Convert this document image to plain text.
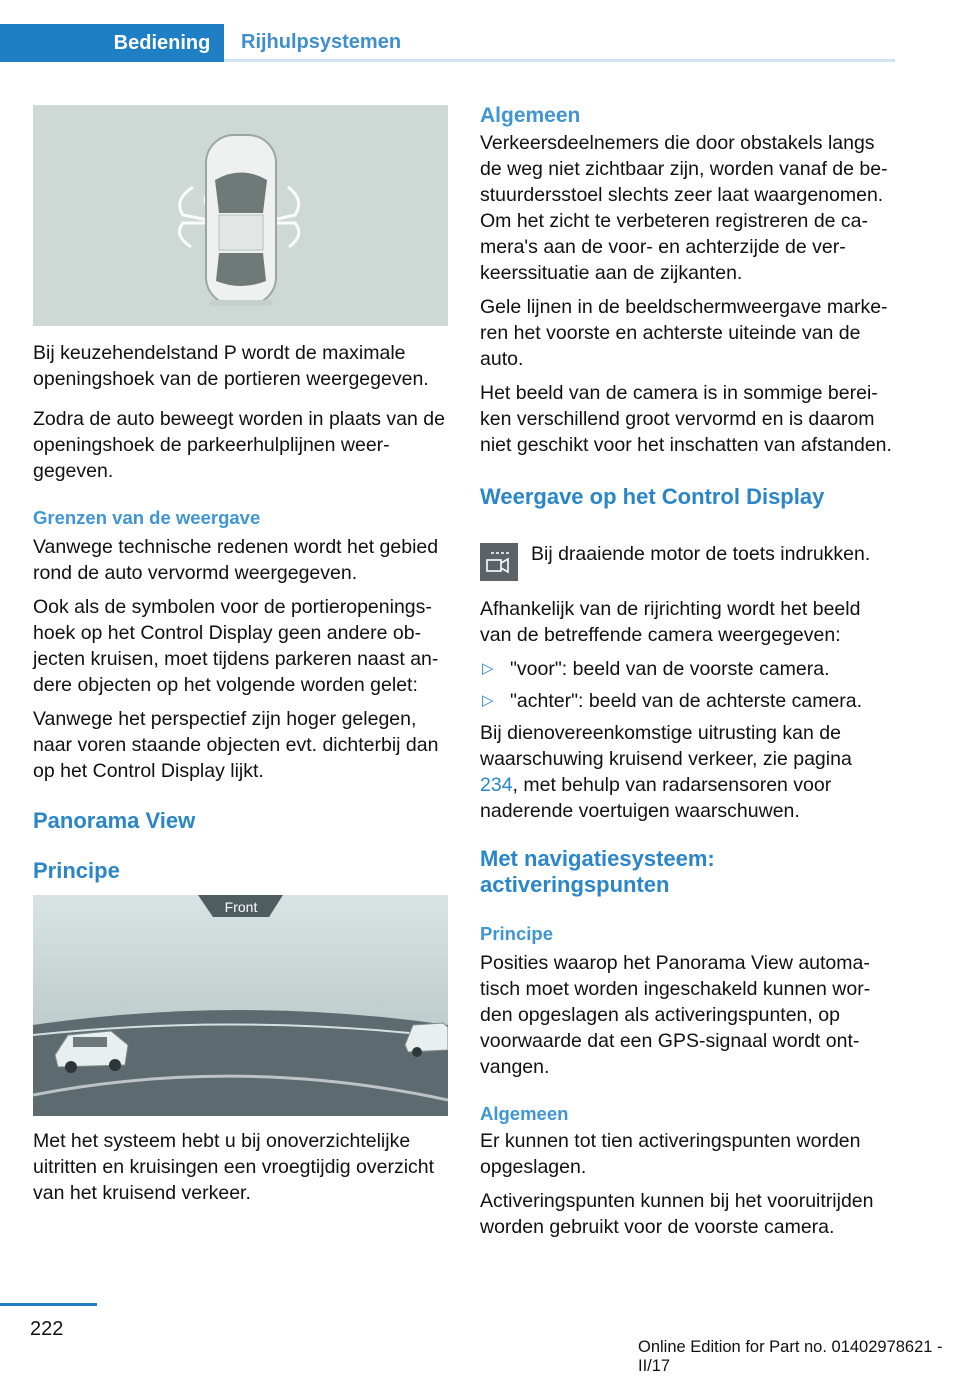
Bediening	Rijhulpsystemen

Bij keuzehendelstand P wordt de maximale openingshoek van de portieren weergegeven.

Zodra de auto beweegt worden in plaats van de openingshoek de parkeerhulplijnen weergegeven.

Grenzen van de weergave

Vanwege technische redenen wordt het gebied rond de auto vervormd weergegeven.

Ook als de symbolen voor de portieropeningshoek op het Control Display geen andere objecten kruisen, moet tijdens parkeren naast andere objecten op het volgende worden gelet:

Vanwege het perspectief zijn hoger gelegen, naar voren staande objecten evt. dichterbij dan op het Control Display lijkt.

Panorama View
Principe
Front

Met het systeem hebt u bij onoverzichtelijke uitritten en kruisingen een vroegtijdig overzicht van het kruisend verkeer.

Algemeen

Verkeersdeelnemers die door obstakels langs de weg niet zichtbaar zijn, worden vanaf de bestuurdersstoel slechts zeer laat waargenomen. Om het zicht te verbeteren registreren de camera's aan de voor- en achterzijde de verkeerssituatie aan de zijkanten.

Gele lijnen in de beeldschermweergave markeren het voorste en achterste uiteinde van de auto.

Het beeld van de camera is in sommige bereiken verschillend groot vervormd en is daarom niet geschikt voor het inschatten van afstanden.

Weergave op het Control Display

Bij draaiende motor de toets indrukken.

Afhankelijk van de rijrichting wordt het beeld van de betreffende camera weergegeven:

▷ "voor": beeld van de voorste camera.

▷ "achter": beeld van de achterste camera.

Bij dienovereenkomstige uitrusting kan de waarschuwing kruisend verkeer, zie pagina 234, met behulp van radarsensoren voor naderende voertuigen waarschuwen.

Met navigatiesysteem: activeringspunten
Principe

Posities waarop het Panorama View automatisch moet worden ingeschakeld kunnen worden opgeslagen als activeringspunten, op voorwaarde dat een GPS-signaal wordt ontvangen.

Algemeen

Er kunnen tot tien activeringspunten worden opgeslagen.

Activeringspunten kunnen bij het vooruitrijden worden gebruikt voor de voorste camera.

222
Online Edition for Part no. 01402978621 - II/17
